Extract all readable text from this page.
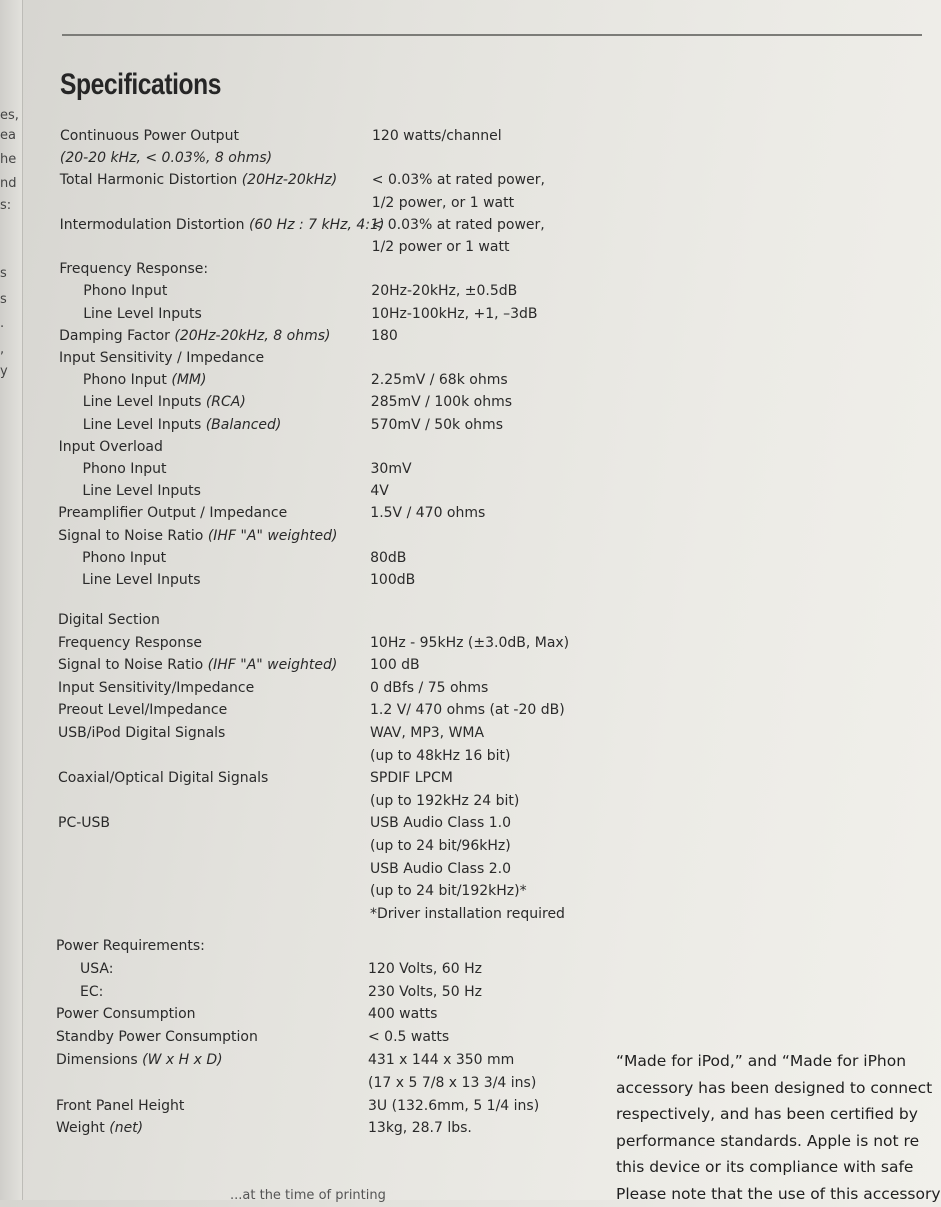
Specifications
es,
ea
he
nd
s:
s
s
.
,
y
Continuous Power Output	120 watts/channel
(20-20 kHz, < 0.03%, 8 ohms)
Total Harmonic Distortion (20Hz-20kHz) < 0.03% at rated power,
1/2 power, or 1 watt
Intermodulation Distortion (60 Hz : 7 kHz, 4:1)
< 0.03% at rated power,
1/2 power or 1 watt
Frequency Response:
Phono Input	20Hz-20kHz, ±0.5dB
Line Level Inputs	10Hz-100kHz, +1, –3dB
Damping Factor (20Hz-20kHz, 8 ohms)	180
Input Sensitivity / Impedance
Phono Input (MM)	2.25mV / 68k ohms
Line Level Inputs (RCA)	285mV / 100k ohms
Line Level Inputs (Balanced)	570mV / 50k ohms
Input Overload
Phono Input	30mV
Line Level Inputs	4V
Preamplifier Output / Impedance	1.5V / 470 ohms
Signal to Noise Ratio (IHF "A" weighted)
Phono Input	80dB
Line Level Inputs	100dB
Digital Section
Frequency Response	10Hz - 95kHz (±3.0dB, Max)
Signal to Noise Ratio (IHF "A" weighted) 100 dB
Input Sensitivity/Impedance	0 dBfs / 75 ohms
Preout Level/Impedance	1.2 V/ 470 ohms (at -20 dB)
USB/iPod Digital Signals	WAV, MP3, WMA
(up to 48kHz 16 bit)
Coaxial/Optical Digital Signals	SPDIF LPCM
(up to 192kHz 24 bit)
PC-USB	USB Audio Class 1.0
(up to 24 bit/96kHz)
USB Audio Class 2.0
(up to 24 bit/192kHz)*
*Driver installation required
Power Requirements:
USA:	120 Volts, 60 Hz
EC:	230 Volts, 50 Hz
Power Consumption	400 watts
Standby Power Consumption	< 0.5 watts
Dimensions (W x H x D)	431 x 144 x 350 mm
(17 x 5 7/8 x 13 3/4 ins)
Front Panel Height	3U (132.6mm, 5 1/4 ins)
Weight (net)	13kg, 28.7 lbs.
“Made for iPod,” and “Made for iPhon
accessory has been designed to connect
respectively, and has been certified by
performance standards. Apple is not re
this device or its compliance with safe
Please note that the use of this accessory
...at the time of printing
